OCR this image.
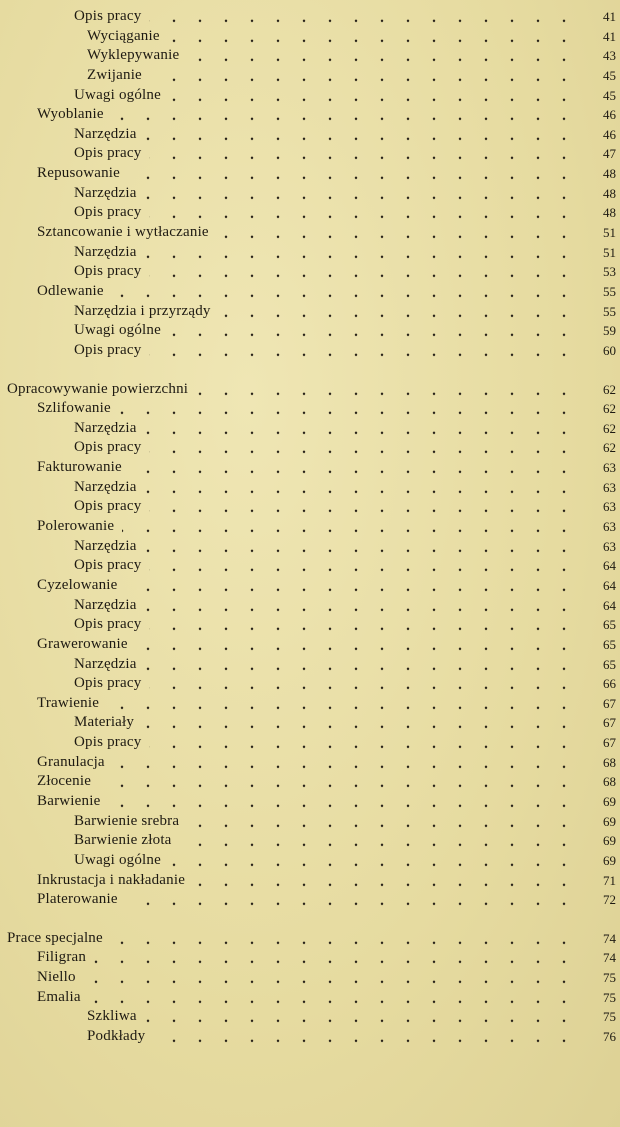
Opis pracy	41
Wyciąganie	41
Wyklepywanie	43
Zwijanie	45
Uwagi ogólne	45
Wyoblanie	46
Narzędzia	46
Opis pracy	47
Repusowanie	48
Narzędzia	48
Opis pracy	48
Sztancowanie i wytłaczanie	51
Narzędzia	51
Opis pracy	53
Odlewanie	55
Narzędzia i przyrządy	55
Uwagi ogólne	59
Opis pracy	60
Opracowywanie powierzchni	62
Szlifowanie	62
Narzędzia	62
Opis pracy	62
Fakturowanie	63
Narzędzia	63
Opis pracy	63
Polerowanie	63
Narzędzia	63
Opis pracy	64
Cyzelowanie	64
Narzędzia	64
Opis pracy	65
Grawerowanie	65
Narzędzia	65
Opis pracy	66
Trawienie	67
Materiały	67
Opis pracy	67
Granulacja	68
Złocenie	68
Barwienie	69
Barwienie srebra	69
Barwienie złota	69
Uwagi ogólne	69
Inkrustacja i nakładanie	71
Platerowanie	72
Prace specjalne	74
Filigran	74
Niello	75
Emalia	75
Szkliwa	75
Podkłady	76
